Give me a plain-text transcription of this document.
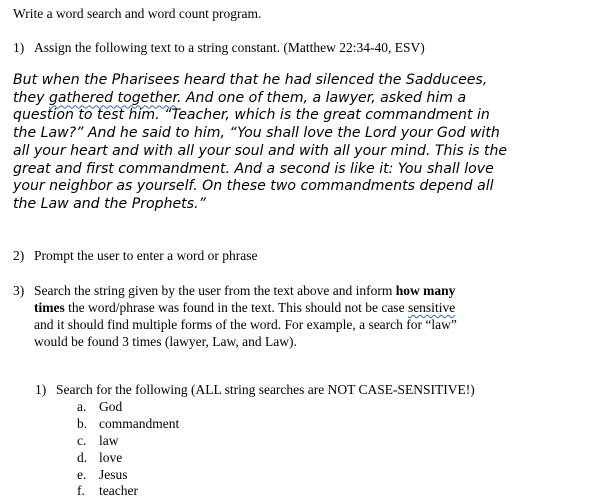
Write a word search and word count program.
1) Assign the following text to a string constant. (Matthew 22:34-40, ESV)
But when the Pharisees heard that he had silenced the Sadducees,
they gathered together. And one of them, a lawyer, asked him a
question to test him. “Teacher, which is the great commandment in
the Law?” And he said to him, “You shall love the Lord your God with
all your heart and with all your soul and with all your mind. This is the
great and first commandment. And a second is like it: You shall love
your neighbor as yourself. On these two commandments depend all
the Law and the Prophets.”
2) Prompt the user to enter a word or phrase
3) Search the string given by the user from the text above and inform how many
times the word/phrase was found in the text. This should not be case sensitive
and it should find multiple forms of the word. For example, a search for “law”
would be found 3 times (lawyer, Law, and Law).
1) Search for the following (ALL string searches are NOT CASE-SENSITIVE!)
a. God
b. commandment
c. law
d. love
e. Jesus
f. teacher
